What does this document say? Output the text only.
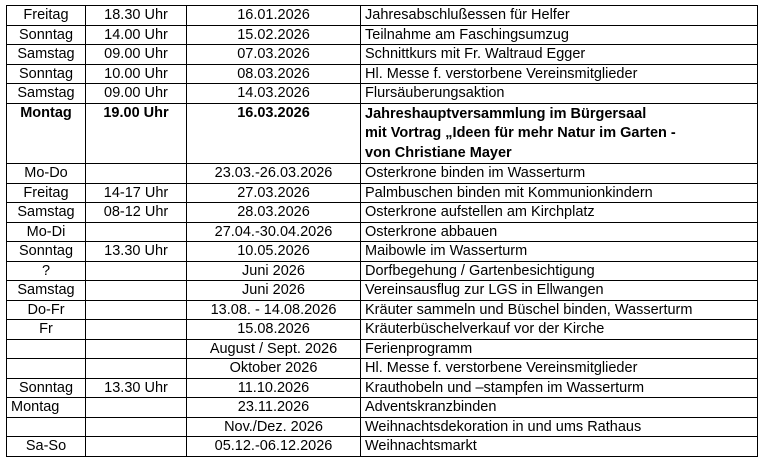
Freitag	18.30 Uhr	16.01.2026	Jahresabschlußessen für Helfer
Sonntag	14.00 Uhr	15.02.2026	Teilnahme am Faschingsumzug
Samstag	09.00 Uhr	07.03.2026	Schnittkurs mit Fr. Waltraud Egger
Sonntag	10.00 Uhr	08.03.2026	Hl. Messe f. verstorbene Vereinsmitglieder
Samstag	09.00 Uhr	14.03.2026	Flursäuberungsaktion
Montag	19.00 Uhr	16.03.2026	Jahreshauptversammlung im Bürgersaal
mit Vortrag „Ideen für mehr Natur im Garten -
von Christiane Mayer
Mo-Do		23.03.-26.03.2026	Osterkrone binden im Wasserturm
Freitag	14-17 Uhr	27.03.2026	Palmbuschen binden mit Kommunionkindern
Samstag	08-12 Uhr	28.03.2026	Osterkrone aufstellen am Kirchplatz
Mo-Di		27.04.-30.04.2026	Osterkrone abbauen
Sonntag	13.30 Uhr	10.05.2026	Maibowle im Wasserturm
?		Juni 2026	Dorfbegehung / Gartenbesichtigung
Samstag		Juni 2026	Vereinsausflug zur LGS in Ellwangen
Do-Fr		13.08. - 14.08.2026	Kräuter sammeln und Büschel binden, Wasserturm
Fr		15.08.2026	Kräuterbüschelverkauf vor der Kirche
		August / Sept. 2026	Ferienprogramm
		Oktober 2026	Hl. Messe f. verstorbene Vereinsmitglieder
Sonntag	13.30 Uhr	11.10.2026	Krauthobeln und –stampfen im Wasserturm
Montag		23.11.2026	Adventskranzbinden
		Nov./Dez. 2026	Weihnachtsdekoration in und ums Rathaus
Sa-So		05.12.-06.12.2026	Weihnachtsmarkt
